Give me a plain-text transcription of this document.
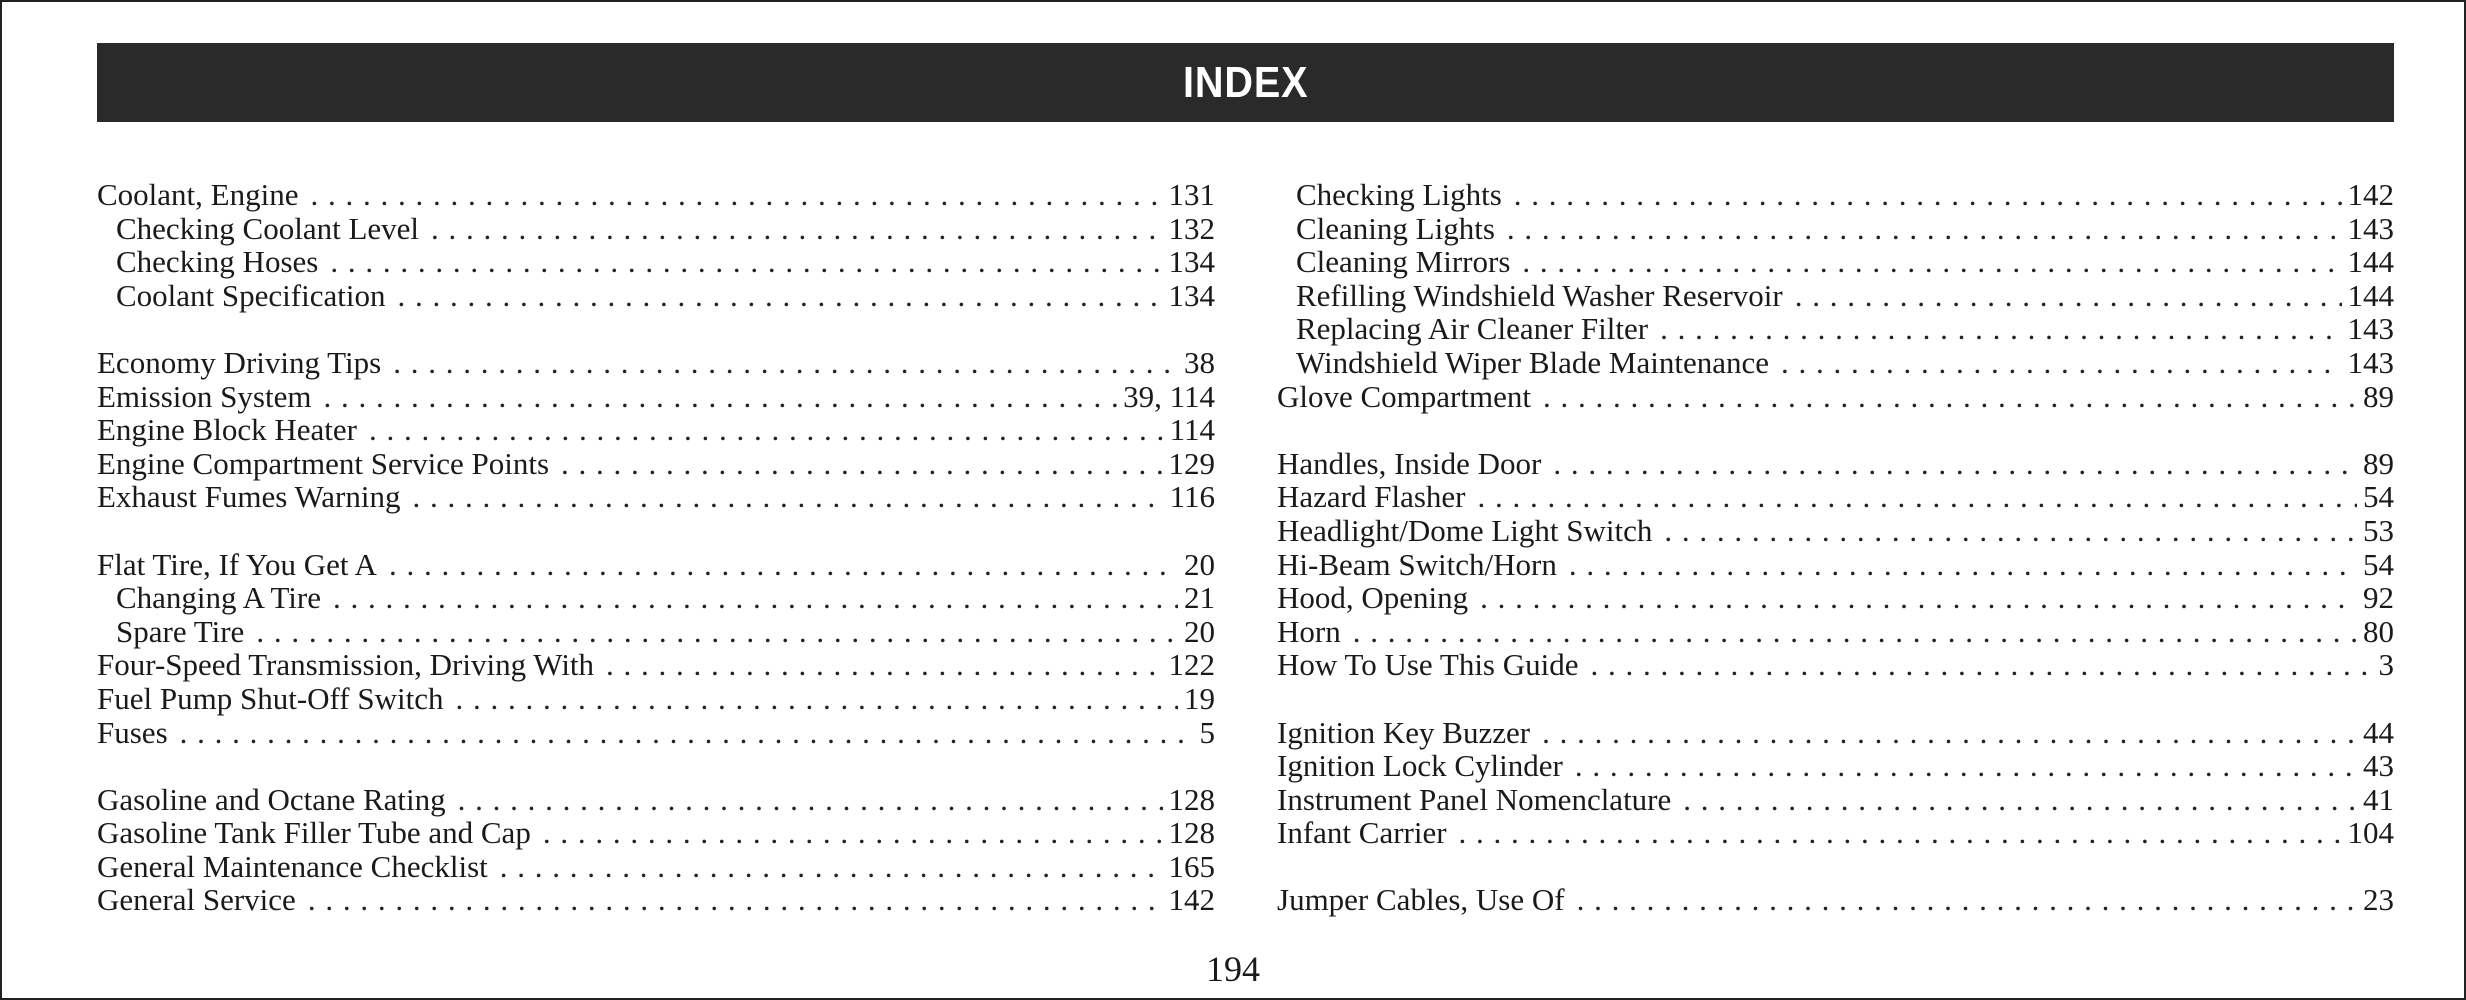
INDEX
Coolant, Engine . . .	131
Checking Coolant Level . . .	132
Checking Hoses . . .	134
Coolant Specification . . .	134
Economy Driving Tips . . .	38
Emission System . . .	39, 114
Engine Block Heater . . .	114
Engine Compartment Service Points . . .	129
Exhaust Fumes Warning . . .	116
Flat Tire, If You Get A . . .	20
Changing A Tire . . .	21
Spare Tire . . .	20
Four-Speed Transmission, Driving With . . .	122
Fuel Pump Shut-Off Switch . . .	19
Fuses . . .	5
Gasoline and Octane Rating . . .	128
Gasoline Tank Filler Tube and Cap . . .	128
General Maintenance Checklist . . .	165
General Service . . .	142
Checking Lights . . .	142
Cleaning Lights . . .	143
Cleaning Mirrors . . .	144
Refilling Windshield Washer Reservoir . . .	144
Replacing Air Cleaner Filter . . .	143
Windshield Wiper Blade Maintenance . . .	143
Glove Compartment . . .	89
Handles, Inside Door . . .	89
Hazard Flasher . . .	54
Headlight/Dome Light Switch . . .	53
Hi-Beam Switch/Horn . . .	54
Hood, Opening . . .	92
Horn . . .	80
How To Use This Guide . . .	3
Ignition Key Buzzer . . .	44
Ignition Lock Cylinder . . .	43
Instrument Panel Nomenclature . . .	41
Infant Carrier . . .	104
Jumper Cables, Use Of . . .	23
194
